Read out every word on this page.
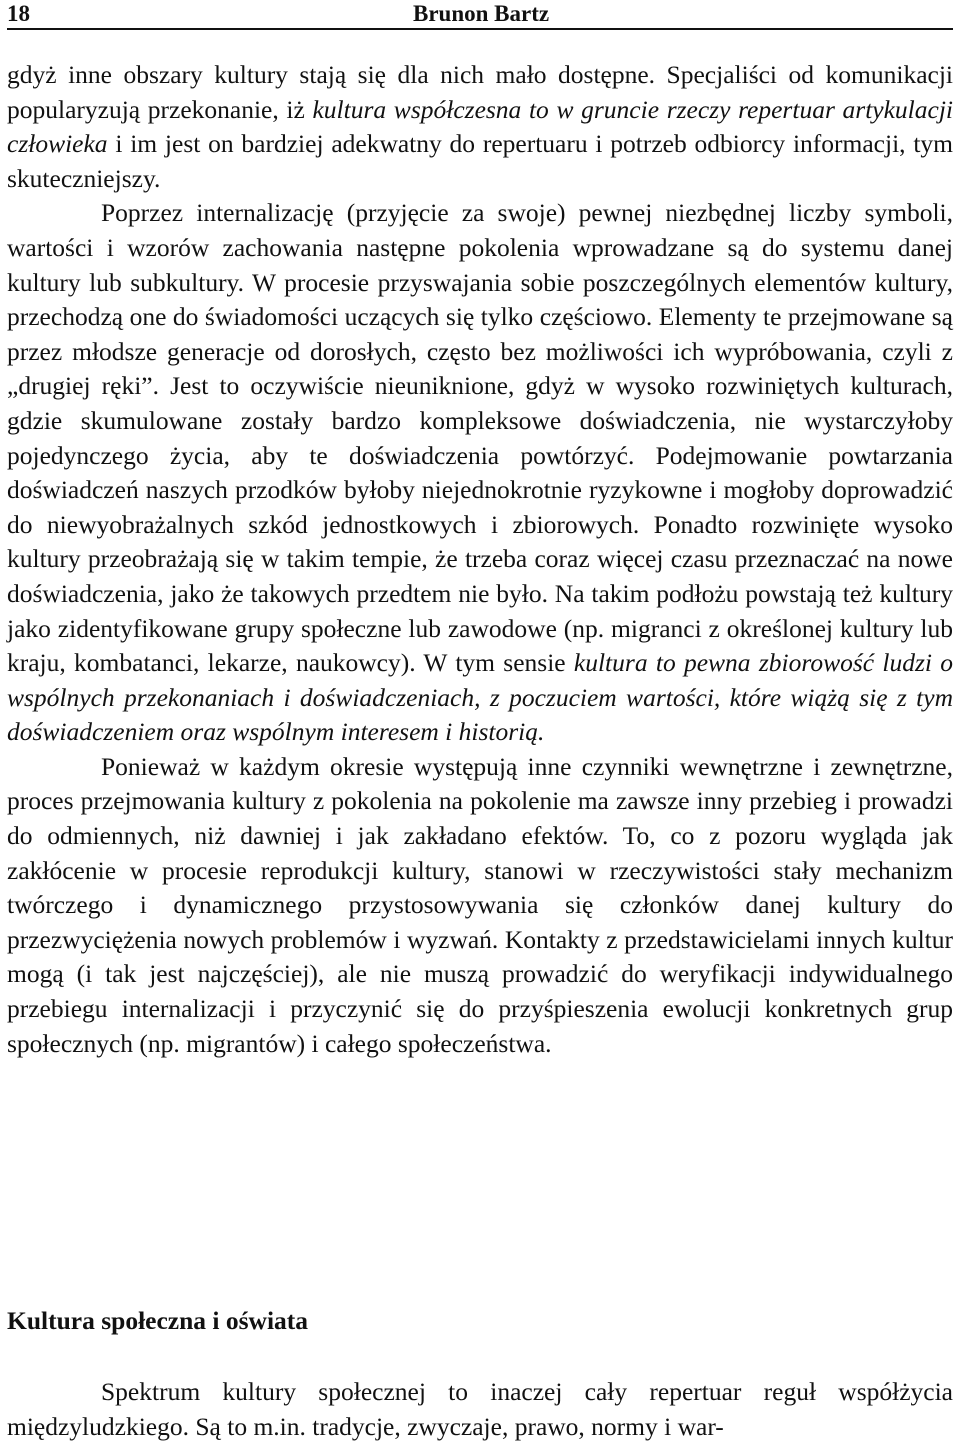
18	Brunon Bartz

gdyż inne obszary kultury stają się dla nich mało dostępne. Specjaliści od komunikacji popularyzują przekonanie, iż kultura współczesna to w gruncie rzeczy repertuar artykulacji człowieka i im jest on bardziej adekwatny do repertuaru i potrzeb odbiorcy informacji, tym skuteczniejszy.

Poprzez internalizację (przyjęcie za swoje) pewnej niezbędnej liczby symboli, wartości i wzorów zachowania następne pokolenia wprowadzane są do systemu danej kultury lub subkultury. W procesie przyswajania sobie poszczególnych elementów kultury, przechodzą one do świadomości uczących się tylko częściowo. Elementy te przejmowane są przez młodsze generacje od dorosłych, często bez możliwości ich wypróbowania, czyli z „drugiej ręki”. Jest to oczywiście nieuniknione, gdyż w wysoko rozwiniętych kulturach, gdzie skumulowane zostały bardzo kompleksowe doświadczenia, nie wystarczyłoby pojedynczego życia, aby te doświadczenia powtórzyć. Podejmowanie powtarzania doświadczeń naszych przodków byłoby niejednokrotnie ryzykowne i mogłoby doprowadzić do niewyobrażalnych szkód jednostkowych i zbiorowych. Ponadto rozwinięte wysoko kultury przeobrażają się w takim tempie, że trzeba coraz więcej czasu przeznaczać na nowe doświadczenia, jako że takowych przedtem nie było. Na takim podłożu powstają też kultury jako zidentyfikowane grupy społeczne lub zawodowe (np. migranci z określonej kultury lub kraju, kombatanci, lekarze, naukowcy). W tym sensie kultura to pewna zbiorowość ludzi o wspólnych przekonaniach i doświadczeniach, z poczuciem wartości, które wiążą się z tym doświadczeniem oraz wspólnym interesem i historią.

Ponieważ w każdym okresie występują inne czynniki wewnętrzne i zewnętrzne, proces przejmowania kultury z pokolenia na pokolenie ma zawsze inny przebieg i prowadzi do odmiennych, niż dawniej i jak zakładano efektów. To, co z pozoru wygląda jak zakłócenie w procesie reprodukcji kultury, stanowi w rzeczywistości stały mechanizm twórczego i dynamicznego przystosowywania się członków danej kultury do przezwyciężenia nowych problemów i wyzwań. Kontakty z przedstawicielami innych kultur mogą (i tak jest najczęściej), ale nie muszą prowadzić do weryfikacji indywidualnego przebiegu internalizacji i przyczynić się do przyśpieszenia ewolucji konkretnych grup społecznych (np. migrantów) i całego społeczeństwa.

Kultura społeczna i oświata

Spektrum kultury społecznej to inaczej cały repertuar reguł współżycia międzyludzkiego. Są to m.in. tradycje, zwyczaje, prawo, normy i war-
